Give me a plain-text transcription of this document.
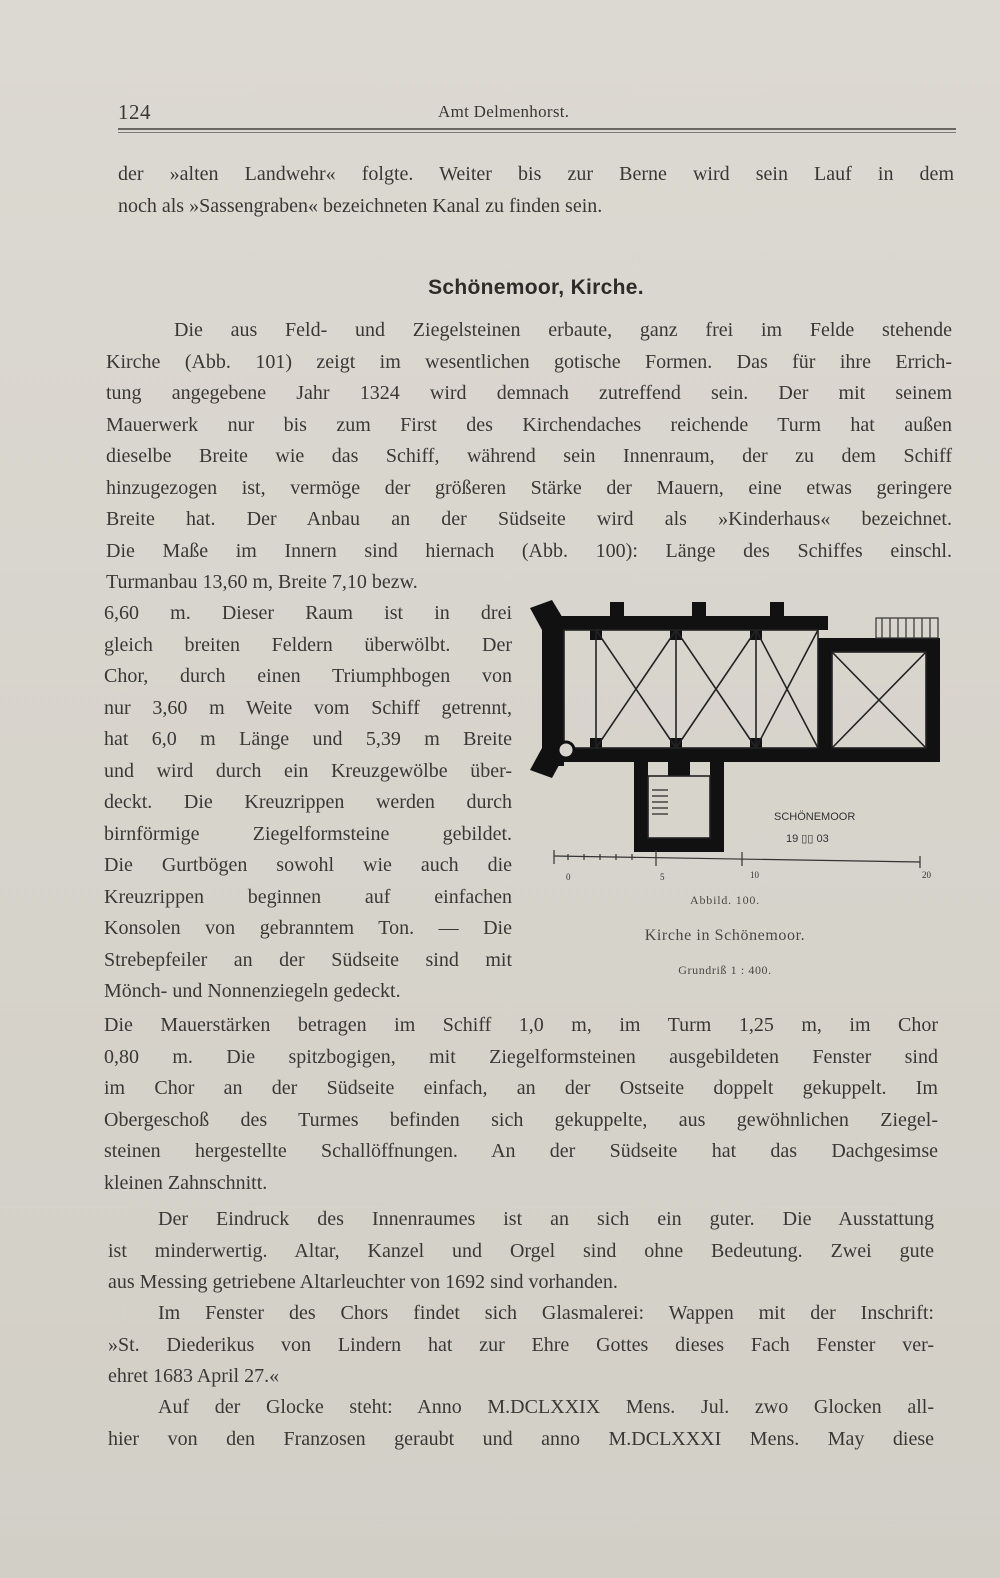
124	Amt Delmenhorst.
der »alten Landwehr« folgte. Weiter bis zur Berne wird sein Lauf in dem
noch als »Sassengraben« bezeichneten Kanal zu finden sein.
Schönemoor, Kirche.
Die aus Feld- und Ziegelsteinen erbaute, ganz frei im Felde stehende
Kirche (Abb. 101) zeigt im wesentlichen gotische Formen. Das für ihre Errich-
tung angegebene Jahr 1324 wird demnach zutreffend sein. Der mit seinem
Mauerwerk nur bis zum First des Kirchendaches reichende Turm hat außen
dieselbe Breite wie das Schiff, während sein Innenraum, der zu dem Schiff
hinzugezogen ist, vermöge der größeren Stärke der Mauern, eine etwas geringere
Breite hat. Der Anbau an der Südseite wird als »Kinderhaus« bezeichnet.
Die Maße im Innern sind hiernach (Abb. 100): Länge des Schiffes einschl.
Turmanbau 13,60 m, Breite 7,10 bezw.
6,60 m. Dieser Raum ist in drei
gleich breiten Feldern überwölbt. Der
Chor, durch einen Triumphbogen von
nur 3,60 m Weite vom Schiff getrennt,
hat 6,0 m Länge und 5,39 m Breite
und wird durch ein Kreuzgewölbe über-
deckt. Die Kreuzrippen werden durch
birnförmige Ziegelformsteine gebildet.
Die Gurtbögen sowohl wie auch die
Kreuzrippen beginnen auf einfachen
Konsolen von gebranntem Ton. — Die
Strebepfeiler an der Südseite sind mit
Mönch- und Nonnenziegeln gedeckt.
SCHÖNEMOOR
19 ▯▯ 03
0	5	10	20
Abbild. 100.
Kirche in Schönemoor.
Grundriß 1 : 400.
Die Mauerstärken betragen im Schiff 1,0 m, im Turm 1,25 m, im Chor
0,80 m. Die spitzbogigen, mit Ziegelformsteinen ausgebildeten Fenster sind
im Chor an der Südseite einfach, an der Ostseite doppelt gekuppelt. Im
Obergeschoß des Turmes befinden sich gekuppelte, aus gewöhnlichen Ziegel-
steinen hergestellte Schallöffnungen. An der Südseite hat das Dachgesimse
kleinen Zahnschnitt.
Der Eindruck des Innenraumes ist an sich ein guter. Die Ausstattung
ist minderwertig. Altar, Kanzel und Orgel sind ohne Bedeutung. Zwei gute
aus Messing getriebene Altarleuchter von 1692 sind vorhanden.
Im Fenster des Chors findet sich Glasmalerei: Wappen mit der Inschrift:
»St. Diederikus von Lindern hat zur Ehre Gottes dieses Fach Fenster ver-
ehret 1683 April 27.«
Auf der Glocke steht: Anno M.DCLXXIX Mens. Jul. zwo Glocken all-
hier von den Franzosen geraubt und anno M.DCLXXXI Mens. May diese
